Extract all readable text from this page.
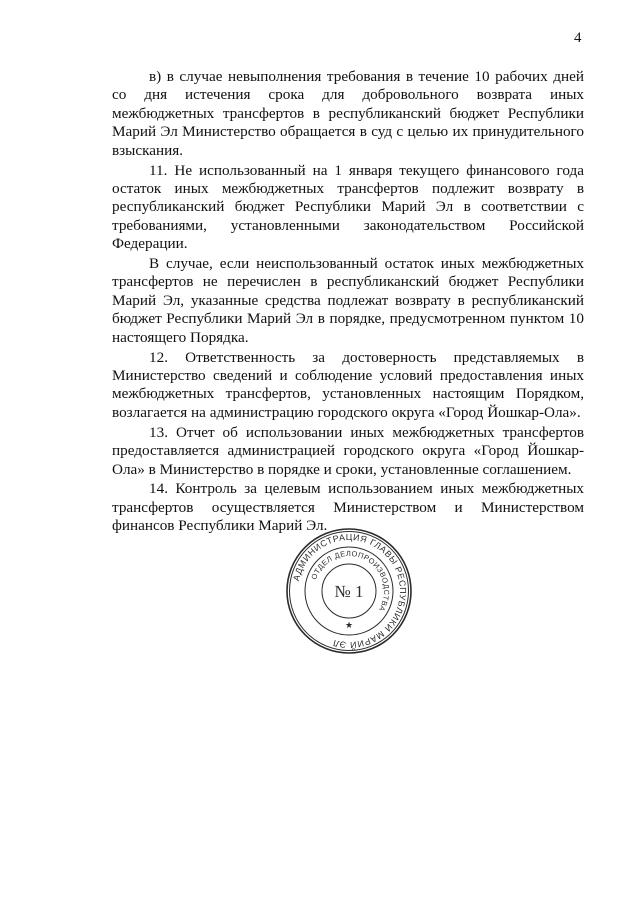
4

в) в случае невыполнения требования в течение 10 рабочих дней со дня истечения срока для добровольного возврата иных межбюджетных трансфертов в республиканский бюджет Республики Марий Эл Министерство обращается в суд с целью их принудительного взыскания.

11. Не использованный на 1 января текущего финансового года остаток иных межбюджетных трансфертов подлежит возврату в республиканский бюджет Республики Марий Эл в соответствии с требованиями, установленными законодательством Российской Федерации.

В случае, если неиспользованный остаток иных межбюджетных трансфертов не перечислен в республиканский бюджет Республики Марий Эл, указанные средства подлежат возврату в республиканский бюджет Республики Марий Эл в порядке, предусмотренном пунктом 10 настоящего Порядка.

12. Ответственность за достоверность представляемых в Министерство сведений и соблюдение условий предоставления иных межбюджетных трансфертов, установленных настоящим Порядком, возлагается на администрацию городского округа «Город Йошкар-Ола».

13. Отчет об использовании иных межбюджетных трансфертов предоставляется администрацией городского округа «Город Йошкар-Ола» в Министерство в порядке и сроки, установленные соглашением.

14. Контроль за целевым использованием иных межбюджетных трансфертов осуществляется Министерством и Министерством финансов Республики Марий Эл.

АДМИНИСТРАЦИЯ ГЛАВЫ РЕСПУБЛИКИ МАРИЙ ЭЛ
ОТДЕЛ ДЕЛОПРОИЗВОДСТВА
№ 1
★
